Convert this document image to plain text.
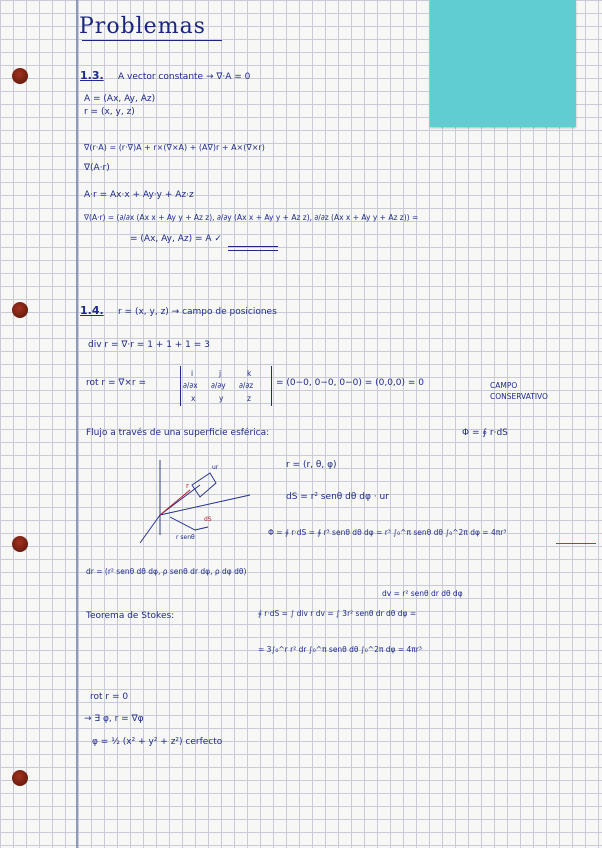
Problemas
1.3. A vector constante → ∇·A = 0
A = (Ax, Ay, Az)
r = (x, y, z)
∇(r·A) = (r·∇)A + r×(∇×A) + (A∇)r + A×(∇×r)
∇(A·r)
A·r = Ax·x + Ay·y + Az·z
∇(A·r) = (∂/∂x (Ax x + Ay y + Az z), ∂/∂y (Ax x + Ay y + Az z), ∂/∂z (Ax x + Ay y + Az z)) =
= (Ax, Ay, Az) = A ✓
1.4. r = (x, y, z) → campo de posiciones
div r = ∇·r = 1 + 1 + 1 = 3
rot r = ∇×r =
i	j	k
∂/∂x ∂/∂y ∂/∂z
x	y	z
= (0−0, 0−0, 0−0) = (0,0,0) = 0	CAMPO CONSERVATIVO
Flujo a través de una superficie esférica:	Φ = ∮ r·dS
r
ur
dS
r senθ
r = (r, θ, φ)
dS = r² senθ dθ dφ · ur
Φ = ∮ r·dS = ∮ r³ senθ dθ dφ = r³ ∫₀^π senθ dθ ∫₀^2π dφ = 4πr³
dr = (r² senθ dθ dφ, ρ senθ dr dφ, ρ dφ dθ)
dv = r² senθ dr dθ dφ
Teorema de Stokes:	∮ r·dS = ∫ div r dv = ∫ 3r² senθ dr dθ dφ =
= 3∫₀^r r² dr ∫₀^π senθ dθ ∫₀^2π dφ = 4πr³
rot r = 0
→ ∃ φ, r = ∇φ
φ = ½ (x² + y² + z²) cerfecto
